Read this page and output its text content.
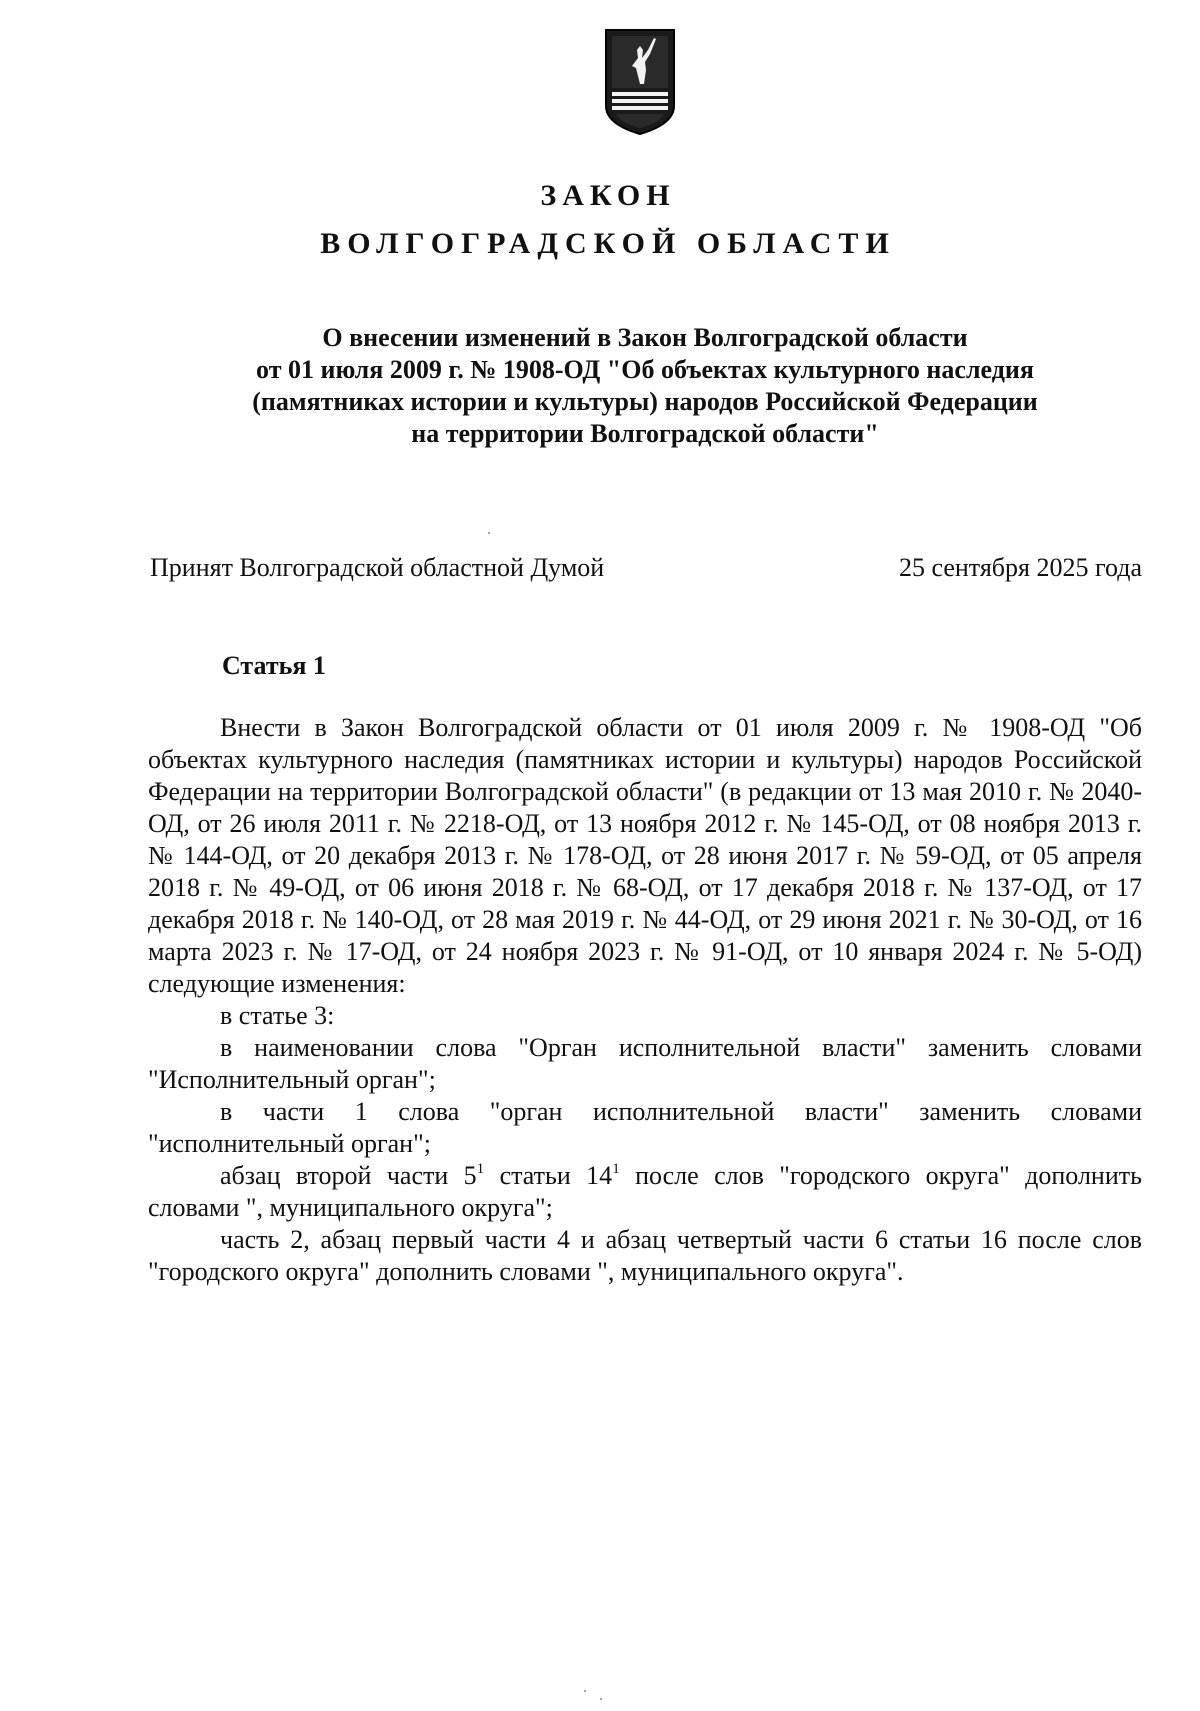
ЗАКОН
ВОЛГОГРАДСКОЙ ОБЛАСТИ
О внесении изменений в Закон Волгоградской области
от 01 июля 2009 г. № 1908-ОД "Об объектах культурного наследия
(памятниках истории и культуры) народов Российской Федерации
на территории Волгоградской области"
Принят Волгоградской областной Думой	25 сентября 2025 года
Статья 1

Внести в Закон Волгоградской области от 01 июля 2009 г. № 1908-ОД "Об объектах культурного наследия (памятниках истории и культуры) народов Российской Федерации на территории Волгоградской области" (в редакции от 13 мая 2010 г. № 2040-ОД, от 26 июля 2011 г. № 2218-ОД, от 13 ноября 2012 г. № 145-ОД, от 08 ноября 2013 г. № 144-ОД, от 20 декабря 2013 г. № 178-ОД, от 28 июня 2017 г. № 59-ОД, от 05 апреля 2018 г. № 49-ОД, от 06 июня 2018 г. № 68-ОД, от 17 декабря 2018 г. № 137-ОД, от 17 декабря 2018 г. № 140-ОД, от 28 мая 2019 г. № 44-ОД, от 29 июня 2021 г. № 30-ОД, от 16 марта 2023 г. № 17-ОД, от 24 ноября 2023 г. № 91-ОД, от 10 января 2024 г. № 5-ОД) следующие изменения:

в статье 3:

в наименовании слова "Орган исполнительной власти" заменить словами "Исполнительный орган";

в части 1 слова "орган исполнительной власти" заменить словами "исполнительный орган";

абзац второй части $5^1$ статьи $14^1$ после слов "городского округа" дополнить словами ", муниципального округа";

часть 2, абзац первый части 4 и абзац четвертый части 6 статьи 16 после слов "городского округа" дополнить словами ", муниципального округа".
